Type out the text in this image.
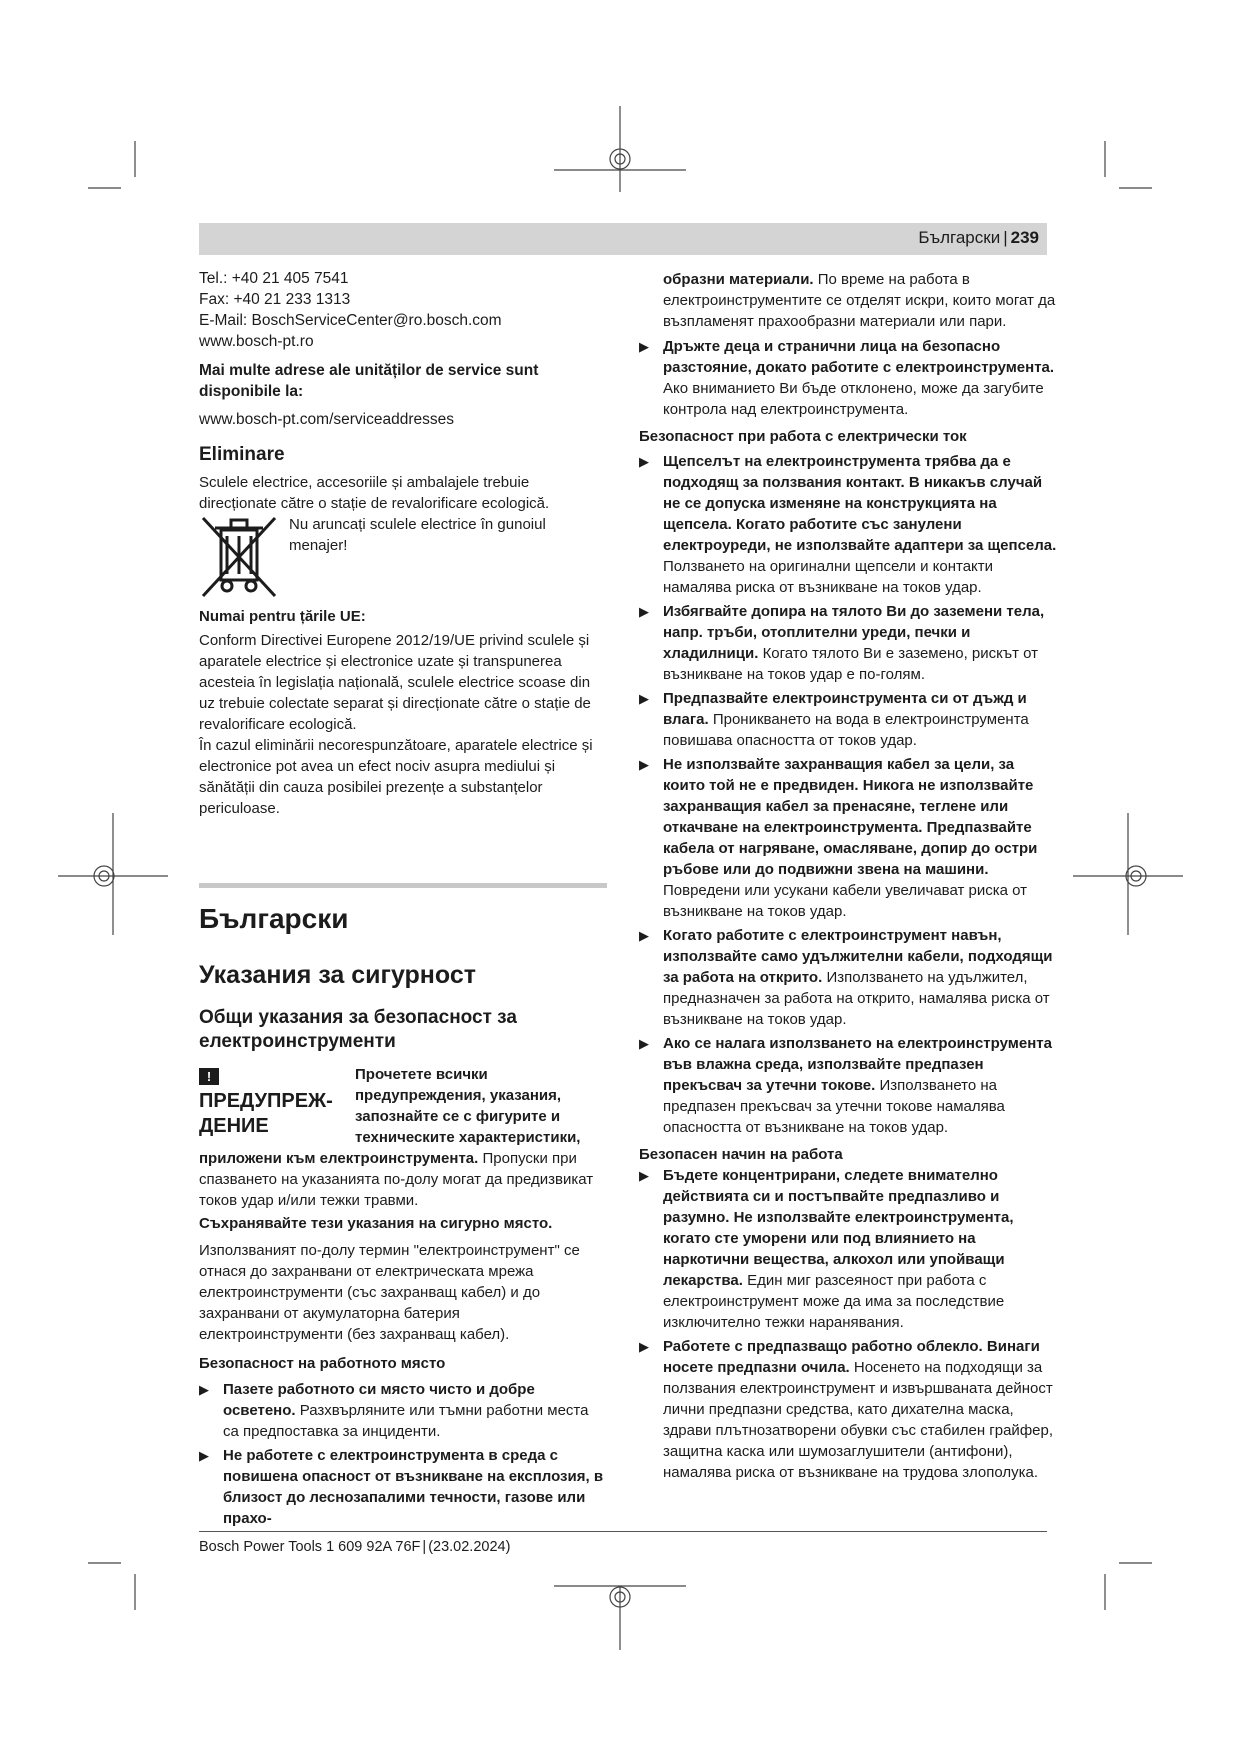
Български | 239

Tel.: +40 21 405 7541

Fax: +40 21 233 1313

E-Mail: BoschServiceCenter@ro.bosch.com

www.bosch-pt.ro

Mai multe adrese ale unităților de service sunt disponibile la:

www.bosch-pt.com/serviceaddresses

Eliminare

Sculele electrice, accesoriile și ambalajele trebuie direcționate către o stație de revalorificare ecologică.

Nu aruncați sculele electrice în gunoiul menajer!

Numai pentru țările UE:

Conform Directivei Europene 2012/19/UE privind sculele și aparatele electrice și electronice uzate și transpunerea acesteia în legislația națională, sculele electrice scoase din uz trebuie colectate separat și direcționate către o stație de revalorificare ecologică.

În cazul eliminării necorespunzătoare, aparatele electrice și electronice pot avea un efect nociv asupra mediului și sănătății din cauza posibilei prezențe a substanțelor periculoase.

Български

Указания за сигурност

Общи указания за безопасност за електроинструменти

!ПРЕДУПРЕЖ-ДЕНИЕ

Прочетете всички предупреждения, указания, запознайте се с фигурите и техническите характеристики, приложени към електроинструмента. Пропуски при спазването на указанията по-долу могат да предизвикат токов удар и/или тежки травми.

Съхранявайте тези указания на сигурно място.

Използваният по-долу термин "електроинструмент" се отнася до захранвани от електрическата мрежа електроинструменти (със захранващ кабел) и до захранвани от акумулаторна батерия електроинструменти (без захранващ кабел).

Безопасност на работното място

▶ Пазете работното си място чисто и добре осветено. Разхвърляните или тъмни работни места са предпоставка за инциденти.

▶ Не работете с електроинструмента в среда с повишена опасност от възникване на експлозия, в близост до леснозапалими течности, газове или прахо-

образни материали. По време на работа в електроинструментите се отделят искри, които могат да възпламенят прахообразни материали или пари.

▶ Дръжте деца и странични лица на безопасно разстояние, докато работите с електроинструмента. Ако вниманието Ви бъде отклонено, може да загубите контрола над електроинструмента.

Безопасност при работа с електрически ток

▶ Щепселът на електроинструмента трябва да е подходящ за ползвания контакт. В никакъв случай не се допуска изменяне на конструкцията на щепсела. Когато работите със занулени електроуреди, не използвайте адаптери за щепсела. Ползването на оригинални щепсели и контакти намалява риска от възникване на токов удар.

▶ Избягвайте допира на тялото Ви до заземени тела, напр. тръби, отоплителни уреди, печки и хладилници. Когато тялото Ви е заземено, рискът от възникване на токов удар е по-голям.

▶ Предпазвайте електроинструмента си от дъжд и влага. Проникването на вода в електроинструмента повишава опасността от токов удар.

▶ Не използвайте захранващия кабел за цели, за които той не е предвиден. Никога не използвайте захранващия кабел за пренасяне, теглене или откачване на електроинструмента. Предпазвайте кабела от нагряване, омасляване, допир до остри ръбове или до подвижни звена на машини. Повредени или усукани кабели увеличават риска от възникване на токов удар.

▶ Когато работите с електроинструмент навън, използвайте само удължителни кабели, подходящи за работа на открито. Използването на удължител, предназначен за работа на открито, намалява риска от възникване на токов удар.

▶ Ако се налага използването на електроинструмента във влажна среда, използвайте предпазен прекъсвач за утечни токове. Използването на предпазен прекъсвач за утечни токове намалява опасността от възникване на токов удар.

Безопасен начин на работа

▶ Бъдете концентрирани, следете внимателно действията си и постъпвайте предпазливо и разумно. Не използвайте електроинструмента, когато сте уморени или под влиянието на наркотични вещества, алкохол или упойващи лекарства. Един миг разсеяност при работа с електроинструмент може да има за последствие изключително тежки наранявания.

▶ Работете с предпазващо работно облекло. Винаги носете предпазни очила. Носенето на подходящи за ползвания електроинструмент и извършваната дейност лични предпазни средства, като дихателна маска, здрави плътнозатворени обувки със стабилен грайфер, защитна каска или шумозаглушители (антифони), намалява риска от възникване на трудова злополука.

Bosch Power Tools 1 609 92A 76F | (23.02.2024)
